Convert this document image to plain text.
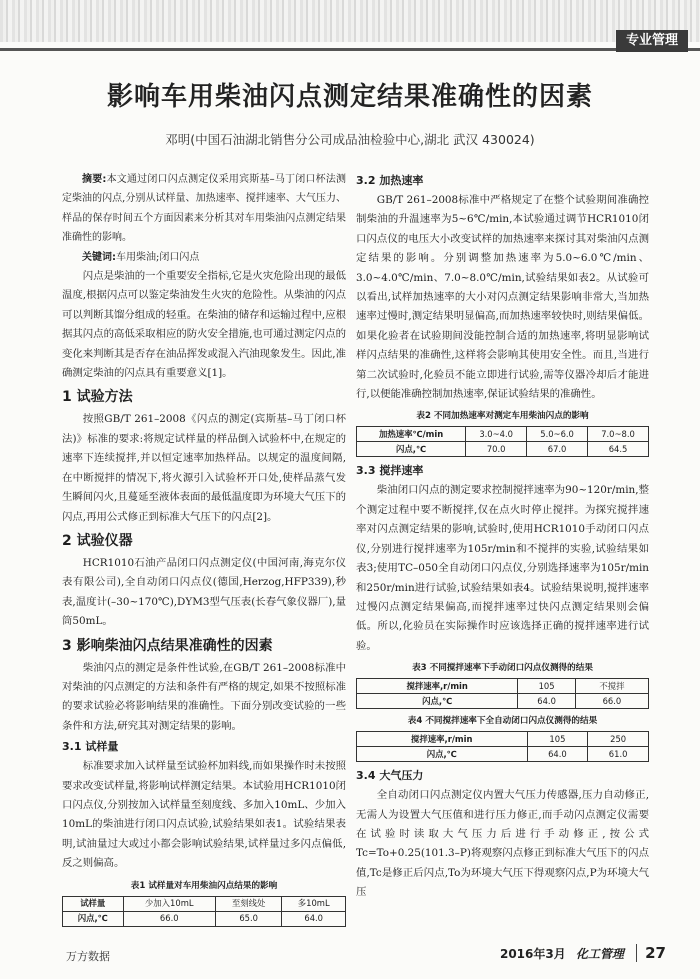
专业管理
影响车用柴油闪点测定结果准确性的因素
邓明(中国石油湖北销售分公司成品油检验中心,湖北 武汉 430024)

摘要:本文通过闭口闪点测定仪采用宾斯基–马丁闭口杯法测定柴油的闪点,分别从试样量、加热速率、搅拌速率、大气压力、样品的保存时间五个方面因素来分析其对车用柴油闪点测定结果准确性的影响。

关键词:车用柴油;闭口闪点

闪点是柴油的一个重要安全指标,它是火灾危险出现的最低温度,根据闪点可以鉴定柴油发生火灾的危险性。从柴油的闪点可以判断其馏分组成的轻重。在柴油的储存和运输过程中,应根据其闪点的高低采取相应的防火安全措施,也可通过测定闪点的变化来判断其是否存在油品挥发或混入汽油现象发生。因此,准确测定柴油的闪点具有重要意义[1]。

1 试验方法

按照GB/T 261–2008《闪点的测定(宾斯基–马丁闭口杯法)》标准的要求:将规定试样量的样品倒入试验杯中,在规定的速率下连续搅拌,并以恒定速率加热样品。以规定的温度间隔,在中断搅拌的情况下,将火源引入试验杯开口处,使样品蒸气发生瞬间闪火,且蔓延至液体表面的最低温度即为环境大气压下的闪点,再用公式修正到标准大气压下的闪点[2]。

2 试验仪器

HCR1010石油产品闭口闪点测定仪(中国河南,海克尔仪表有限公司),全自动闭口闪点仪(德国,Herzog,HFP339),秒表,温度计(–30~170℃),DYM3型气压表(长春气象仪器厂),量筒50mL。

3 影响柴油闪点结果准确性的因素

柴油闪点的测定是条件性试验,在GB/T 261–2008标准中对柴油的闪点测定的方法和条件有严格的规定,如果不按照标准的要求试验必将影响结果的准确性。下面分别改变试验的一些条件和方法,研究其对测定结果的影响。

3.1 试样量

标准要求加入试样量至试验杯加料线,而如果操作时未按照要求改变试样量,将影响试样测定结果。本试验用HCR1010闭口闪点仪,分别按加入试样量至刻度线、多加入10mL、少加入10mL的柴油进行闭口闪点试验,试验结果如表1。试验结果表明,试油量过大或过小都会影响试验结果,试样量过多闪点偏低,反之则偏高。

表1 试样量对车用柴油闪点结果的影响
试样量	少加入10mL	至刻线处	多10mL
闪点,℃	66.0	65.0	64.0
3.2 加热速率

GB/T 261–2008标准中严格规定了在整个试验期间准确控制柴油的升温速率为5~6℃/min,本试验通过调节HCR1010闭口闪点仪的电压大小改变试样的加热速率来探讨其对柴油闪点测定结果的影响。分别调整加热速率为5.0~6.0℃/min、3.0~4.0℃/min、7.0~8.0℃/min,试验结果如表2。从试验可以看出,试样加热速率的大小对闪点测定结果影响非常大,当加热速率过慢时,测定结果明显偏高,而加热速率较快时,则结果偏低。如果化验者在试验期间没能控制合适的加热速率,将明显影响试样闪点结果的准确性,这样将会影响其使用安全性。而且,当进行第二次试验时,化验员不能立即进行试验,需等仪器冷却后才能进行,以便能准确控制加热速率,保证试验结果的准确性。

表2 不同加热速率对测定车用柴油闪点的影响
加热速率℃/min	3.0~4.0	5.0~6.0	7.0~8.0
闪点,℃	70.0	67.0	64.5
3.3 搅拌速率

柴油闭口闪点的测定要求控制搅拌速率为90~120r/min,整个测定过程中要不断搅拌,仅在点火时停止搅拌。为探究搅拌速率对闪点测定结果的影响,试验时,使用HCR1010手动闭口闪点仪,分别进行搅拌速率为105r/min和不搅拌的实验,试验结果如表3;使用TC–050全自动闭口闪点仪,分别选择速率为105r/min和250r/min进行试验,试验结果如表4。试验结果说明,搅拌速率过慢闪点测定结果偏高,而搅拌速率过快闪点测定结果则会偏低。所以,化验员在实际操作时应该选择正确的搅拌速率进行试验。

表3 不同搅拌速率下手动闭口闪点仪测得的结果
搅拌速率,r/min	105	不搅拌
闪点,℃	64.0	66.0
表4 不同搅拌速率下全自动闭口闪点仪测得的结果
搅拌速率,r/min	105	250
闪点,℃	64.0	61.0
3.4 大气压力

全自动闭口闪点测定仪内置大气压力传感器,压力自动修正,无需人为设置大气压值和进行压力修正,而手动闪点测定仪需要在试验时读取大气压力后进行手动修正,按公式Tc=To+0.25(101.3–P)将观察闪点修正到标准大气压下的闪点值,Tc是修正后闪点,To为环境大气压下得观察闪点,P为环境大气压

万方数据	2016年3月 化工管理 27
